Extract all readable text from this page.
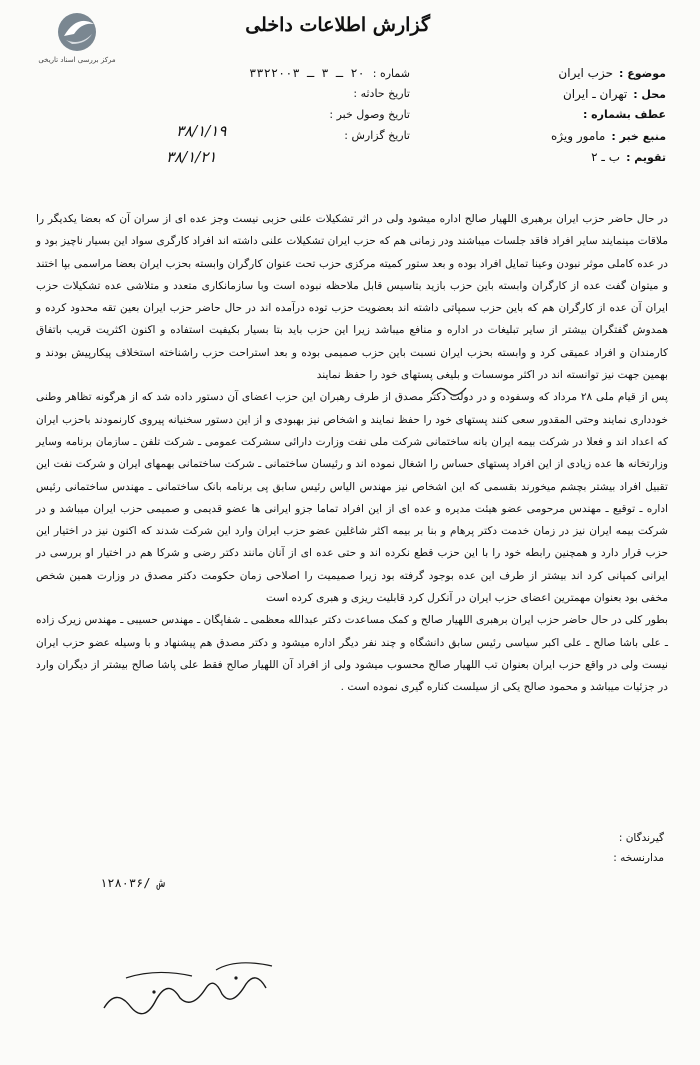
مرکز بررسی اسناد تاریخی
گزارش اطلاعات داخلی
موضوع :
حزب ایران
محل :
تهران ـ ایران
عطف بشماره :
منبع خبر :
مامور ویژه
تقویم :
ب ـ ۲
شماره :
۲۰ ـ ۳ ـ ۳۳۲۲۰۰۳
تاریخ حادثه :
تاریخ وصول خبر :
تاریخ گزارش :
۳۸/۱/۱۹
۳۸/۱/۲۱

در حال حاضر حزب ایران برهبری اللهیار صالح اداره میشود ولی در اثر تشکیلات علنی حزبی نیست وجز عده ای از سران آن که بعضا یکدیگر را ملاقات مینمایند سایر افراد فاقد جلسات میباشند ودر زمانی هم که حزب ایران تشکیلات علنی داشته اند افراد کارگری سواد این بسیار ناچیز بود و در عده کاملی موثر نبودن وعینا تمایل افراد بوده و بعد ستور کمیته مرکزی حزب تحت عنوان کارگران وابسته بحزب ایران بعضا مراسمی بپا اختند و میتوان گفت عده از کارگران وابسته باین حزب بازید بتاسیس قابل ملاحظه نبوده است وبا سازمانکاری متعدد و متلاشی عده تشکیلات حزب ایران آن عده از کارگران هم که باین حزب سمپاتی داشته اند بعضویت حزب توده درآمده اند در حال حاضر حزب ایران بعین تقه محدود کرده و همدوش گفتگران بیشتر از سایر تبلیغات در اداره و منافع میباشد زیرا این حزب باید بتا بسیار بکیفیت استفاده و اکنون اکثریت قریب باتفاق کارمندان و افراد عمیقی کرد و وابسته بحزب ایران نسبت باین حزب صمیمی بوده و بعد استراحت حزب راشناخته استخلاف پیکارپیش بودند و بهمین جهت نیز توانسته اند در اکثر موسسات و بلیغی پستهای خود را حفظ نمایند

پس از قیام ملی ۲۸ مرداد که وسفوده و در دولت دکتر مصدق از طرف رهبران این حزب اعضای آن دستور داده شد که از هرگونه تظاهر وطنی خودداری نمایند وحتی المقدور سعی کنند پستهای خود را حفظ نمایند و اشخاص نیز بهبودی و از این دستور سخنیانه پیروی کارنمودند باحزب ایران که اعداد اند و فعلا در شرکت بیمه ایران بانه ساختمانی شرکت ملی نفت وزارت دارائی سشرکت عمومی ـ شرکت تلفن ـ سازمان برنامه وسایر وزارتخانه ها عده زیادی از این افراد پستهای حساس را اشغال نموده اند و رئیسان ساختمانی ـ شرکت ساختمانی بهمهای ایران و شرکت نفت این تقبیل افراد بیشتر بچشم میخورند بقسمی که این اشخاص نیز مهندس الیاس رئیس سابق پی برنامه بانک ساختمانی ـ مهندس ساختمانی رئیس اداره ـ توقیع ـ مهندس مرحومی عضو هیئت مدیره و عده ای از این افراد تماما جزو ایرانی ها عضو قدیمی و صمیمی حزب ایران میباشد و در شرکت بیمه ایران نیز در زمان خدمت دکتر پرهام و بنا بر بیمه اکثر شاغلین عضو حزب ایران وارد این شرکت شدند که اکنون نیز در اختیار این حزب قرار دارد و همچنین رابطه خود را با این حزب قطع نکرده اند و حتی عده ای از آنان مانند دکتر رضی و شرکا هم در اختیار او بررسی در ایرانی کمپانی کرد اند بیشتر از طرف این عده بوجود گرفته بود زیرا صمیمیت را اصلاحی زمان حکومت دکتر مصدق در وزارت همین شخص مخفی بود بعنوان مهمترین اعضای حزب ایران در آنکرل کرد قابلیت ریزی و هبری کرده است

بطور کلی در حال حاضر حزب ایران برهبری اللهیار صالح و کمک مساعدت دکتر عبدالله معظمی ـ شفاپگان ـ مهندس حسیبی ـ مهندس زیرک زاده ـ علی باشا صالح ـ علی اکبر سیاسی رئیس سابق دانشگاه و چند نفر دیگر اداره میشود و دکتر مصدق هم پیشنهاد و با وسیله عضو حزب ایران نیست ولی در واقع حزب ایران بعنوان تب اللهیار صالح محسوب میشود ولی از افراد آن اللهیار صالح فقط علی پاشا صالح بیشتر از دیگران وارد در جزئیات میباشد و محمود صالح یکی از سیلست کناره گیری نموده است .

گیرندگان :
مدارنسخه :
۱۲۸۰۳۶/ ش
